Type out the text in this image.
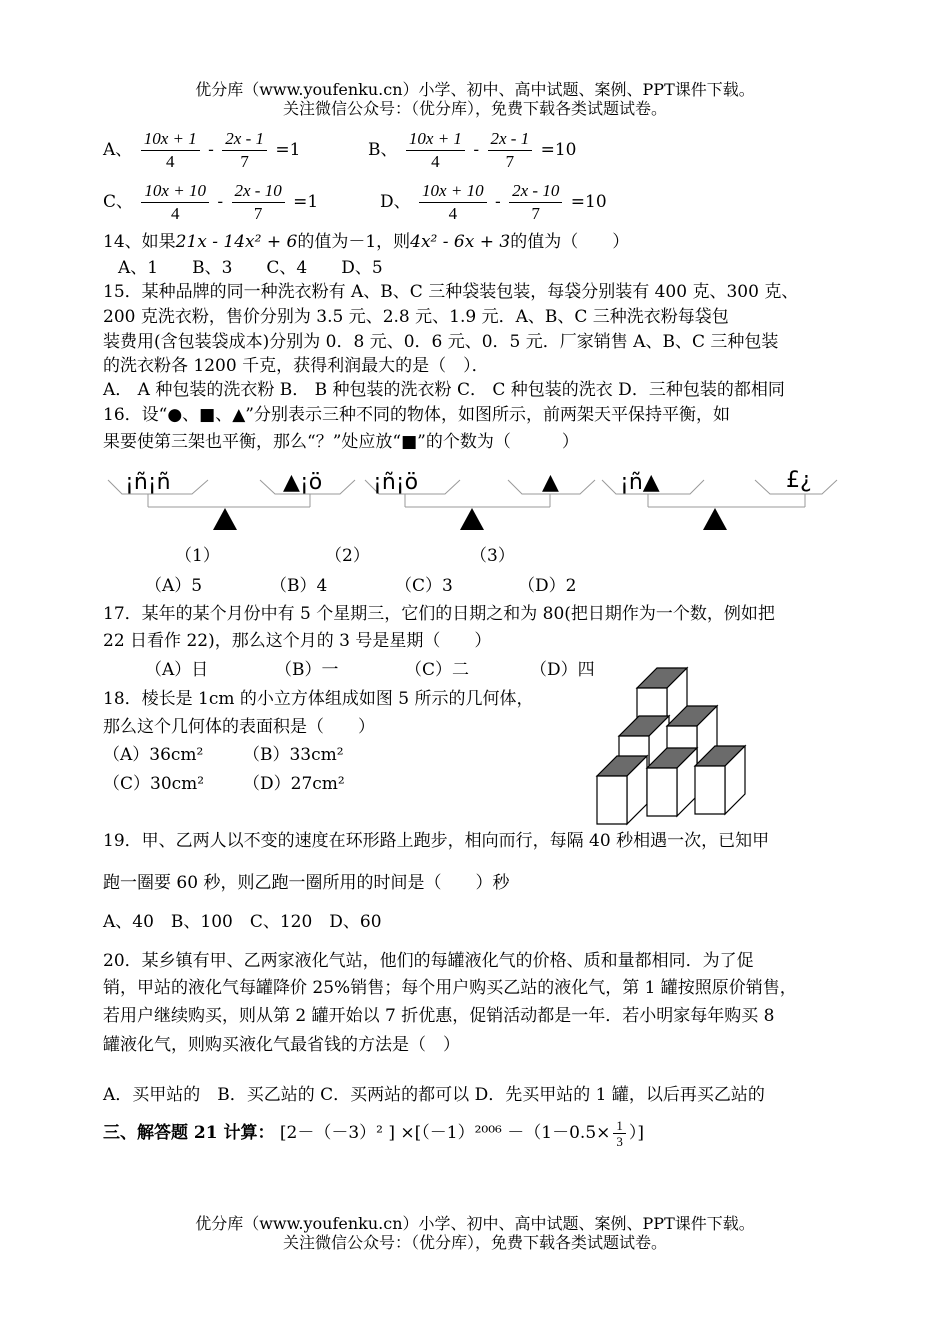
优分库（www.youfenku.cn）小学、初中、高中试题、案例、PPT课件下载。
关注微信公众号：（优分库），免费下载各类试题试卷。
A、 $\frac{10x + 1}{4} - \frac{2x - 1}{7} =1$	B、 $\frac{10x + 1}{4} - \frac{2x - 1}{7} =10$
C、 $\frac{10x + 10}{4} - \frac{2x - 10}{7} =1$	D、 $\frac{10x + 10}{4} - \frac{2x - 10}{7} =10$
14、如果21x - 14x² + 6的值为－1，则4x² - 6x + 3的值为（　　）
A、1　　B、3　　C、4　　D、5
15．某种品牌的同一种洗衣粉有 A、B、C 三种袋装包装，每袋分别装有 400 克、300 克、
200 克洗衣粉，售价分别为 3.5 元、2.8 元、1.9 元．A、B、C 三种洗衣粉每袋包
装费用(含包装袋成本)分别为 0．8 元、0．6 元、0．5 元．厂家销售 A、B、C 三种包装
的洗衣粉各 1200 千克，获得利润最大的是（　）．
A． A 种包装的洗衣粉 B． B 种包装的洗衣粉 C． C 种包装的洗衣 D．三种包装的都相同
16．设“●、■、▲”分别表示三种不同的物体，如图所示，前两架天平保持平衡，如
果要使第三架也平衡，那么“？”处应放“■”的个数为（　　　）
¡ñ¡ñ	▲¡ö ¡ñ¡ö	▲	¡ñ▲	£¿
（1）	（2）	（3）
（A）5	（B）4	（C）3	（D）2
17．某年的某个月份中有 5 个星期三，它们的日期之和为 80(把日期作为一个数，例如把
22 日看作 22)，那么这个月的 3 号是星期（　　）
（A）日	（B）一	（C）二	（D）四
18．棱长是 1cm 的小立方体组成如图 5 所示的几何体，
那么这个几何体的表面积是（　　）
（A）36cm² （B）33cm²
（C）30cm² （D）27cm²
19．甲、乙两人以不变的速度在环形路上跑步，相向而行，每隔 40 秒相遇一次，已知甲
跑一圈要 60 秒，则乙跑一圈所用的时间是（　　）秒
A、40　B、100　C、120　D、60
20．某乡镇有甲、乙两家液化气站，他们的每罐液化气的价格、质和量都相同．为了促
销，甲站的液化气每罐降价 25%销售；每个用户购买乙站的液化气，第 1 罐按照原价销售，
若用户继续购买，则从第 2 罐开始以 7 折优惠，促销活动都是一年．若小明家每年购买 8
罐液化气，则购买液化气最省钱的方法是（　）
A．买甲站的　B．买乙站的 C．买两站的都可以 D．先买甲站的 1 罐，以后再买乙站的
三、解答题 21 计算： [2－（－3）² ] $\times[(-1)^{2006} -(1-0.5\times \frac{1}{3}$ ）]
优分库（www.youfenku.cn）小学、初中、高中试题、案例、PPT课件下载。
关注微信公众号：（优分库），免费下载各类试题试卷。
